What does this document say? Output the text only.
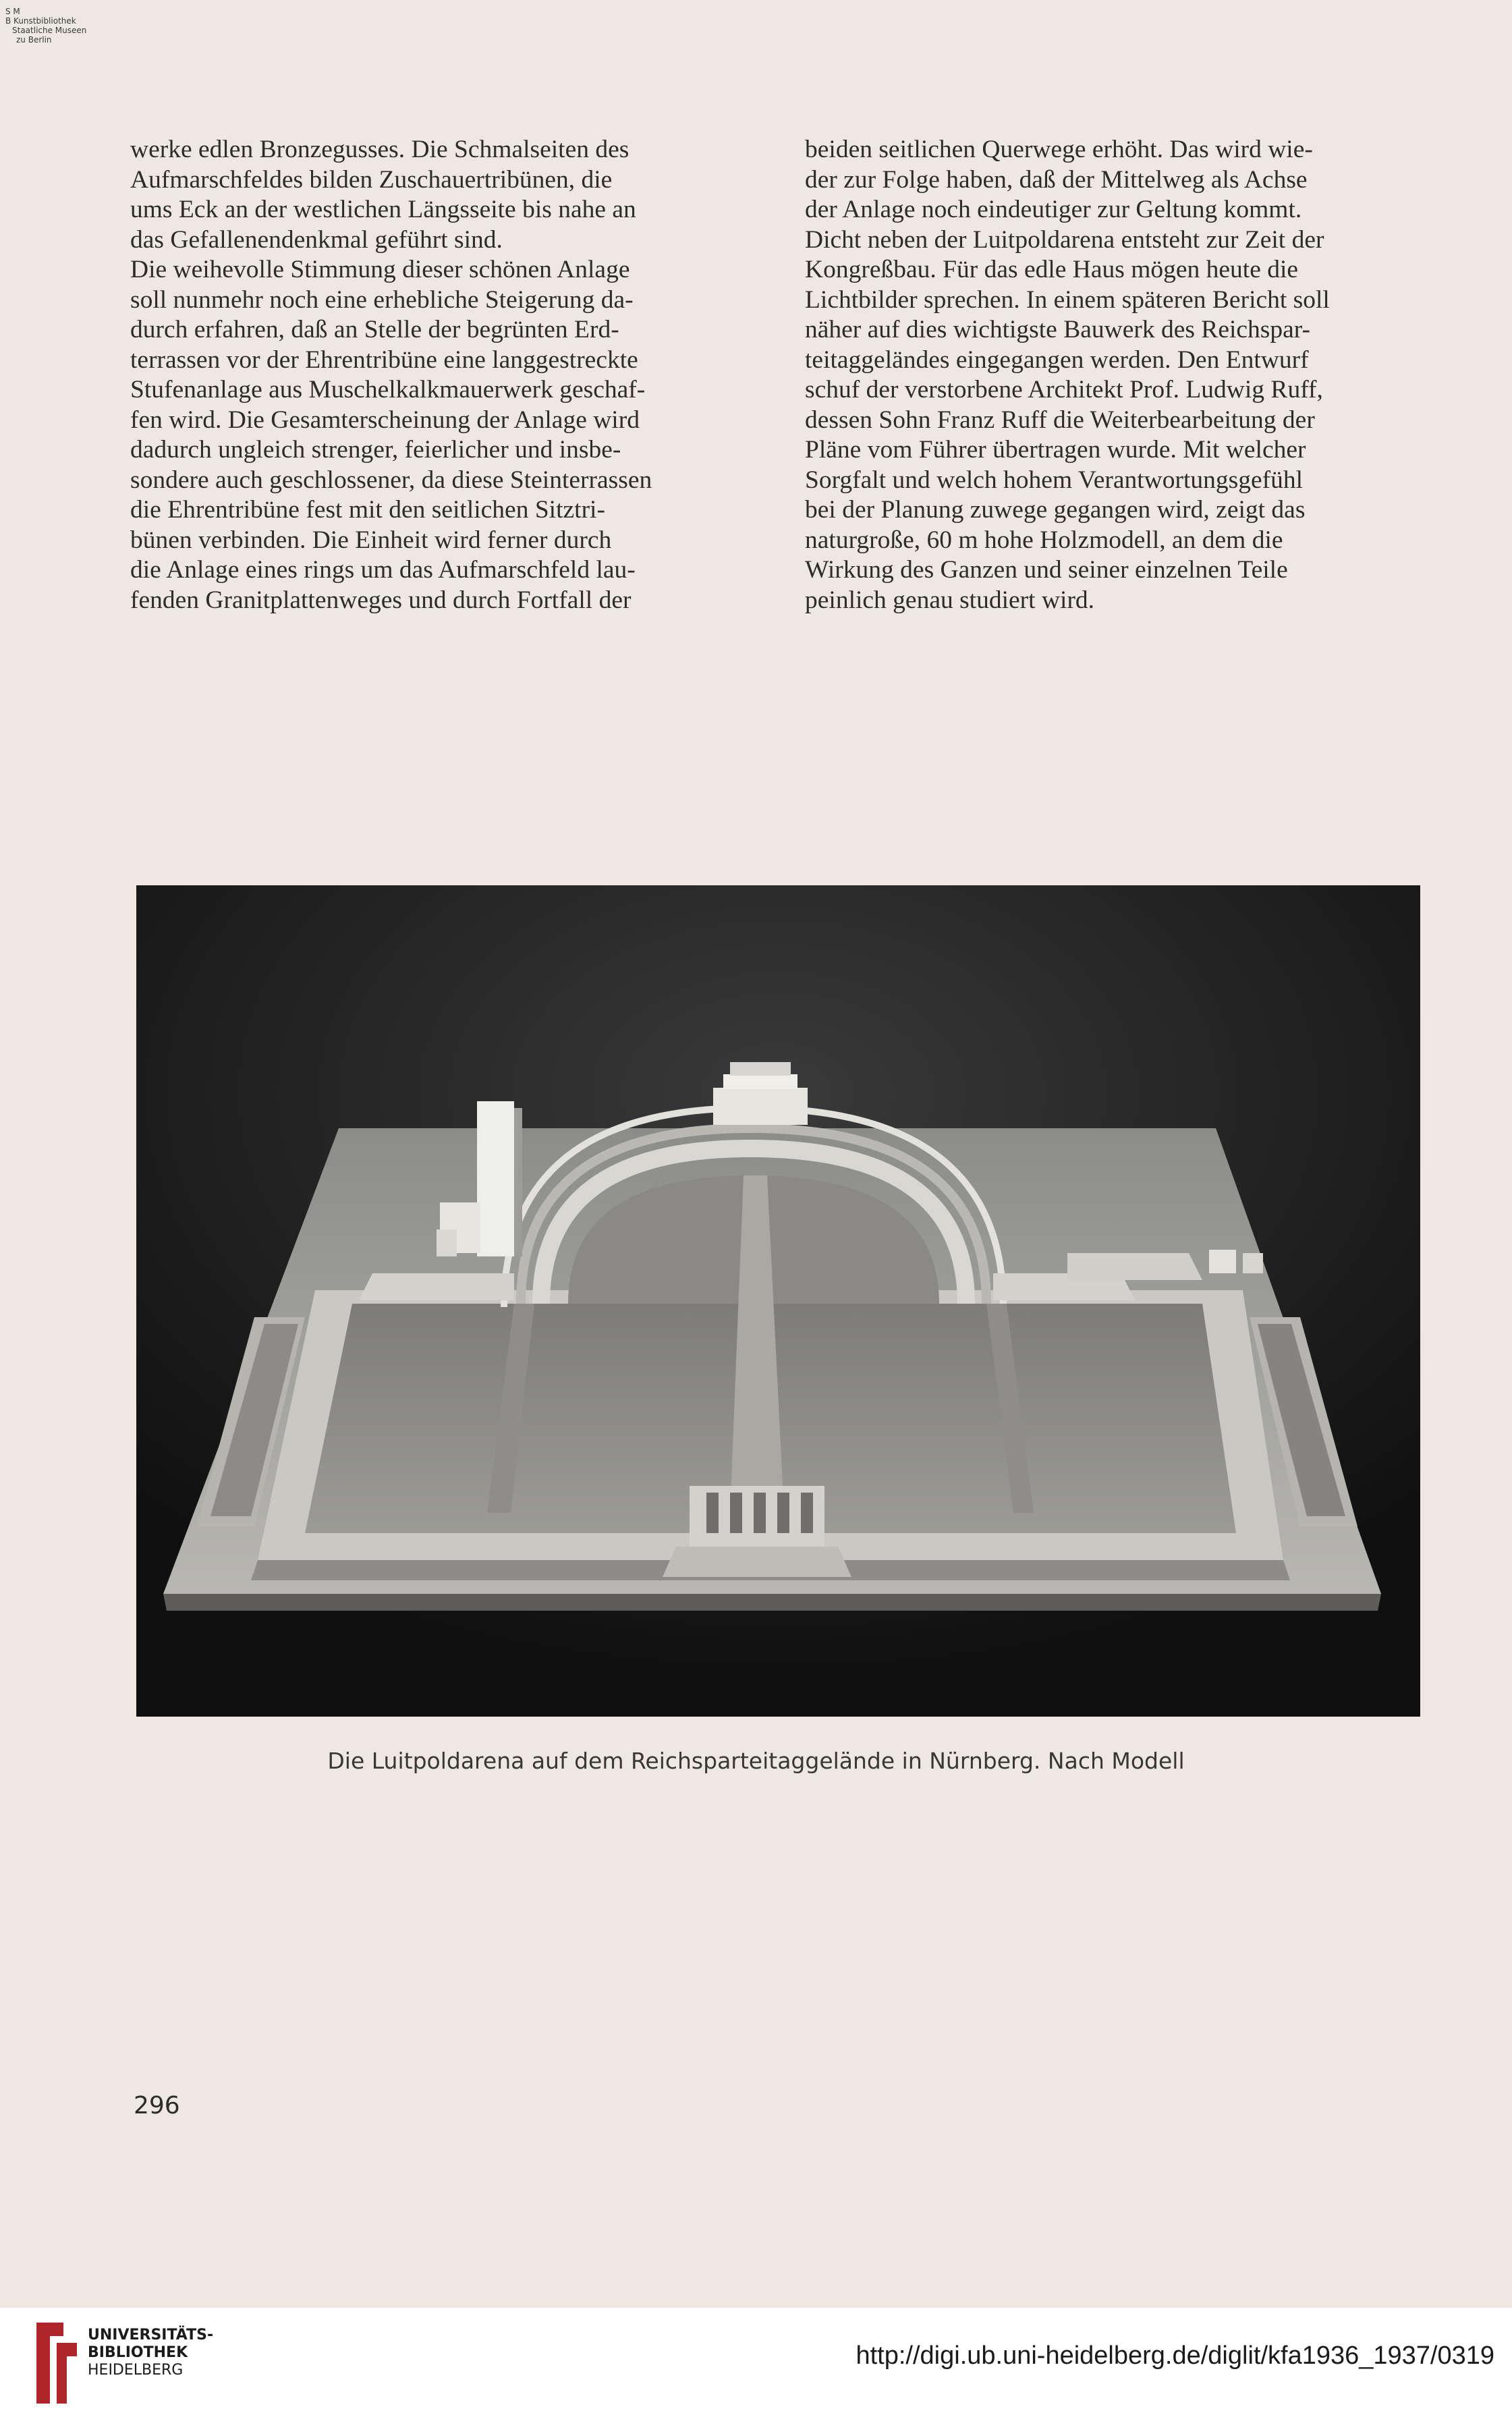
S M
B Kunstbibliothek
Staatliche Museen
zu Berlin

werke edlen Bronzegusses. Die Schmalseiten des

Aufmarschfeldes bilden Zuschauertribünen, die

ums Eck an der westlichen Längsseite bis nahe an

das Gefallenendenkmal geführt sind.

Die weihevolle Stimmung dieser schönen Anlage

soll nunmehr noch eine erhebliche Steigerung da-

durch erfahren, daß an Stelle der begrünten Erd-

terrassen vor der Ehrentribüne eine langgestreckte

Stufenanlage aus Muschelkalkmauerwerk geschaf-

fen wird. Die Gesamterscheinung der Anlage wird

dadurch ungleich strenger, feierlicher und insbe-

sondere auch geschlossener, da diese Steinterrassen

die Ehrentribüne fest mit den seitlichen Sitztri-

bünen verbinden. Die Einheit wird ferner durch

die Anlage eines rings um das Aufmarschfeld lau-

fenden Granitplattenweges und durch Fortfall der

beiden seitlichen Querwege erhöht. Das wird wie-

der zur Folge haben, daß der Mittelweg als Achse

der Anlage noch eindeutiger zur Geltung kommt.

Dicht neben der Luitpoldarena entsteht zur Zeit der

Kongreßbau. Für das edle Haus mögen heute die

Lichtbilder sprechen. In einem späteren Bericht soll

näher auf dies wichtigste Bauwerk des Reichspar-

teitaggeländes eingegangen werden. Den Entwurf

schuf der verstorbene Architekt Prof. Ludwig Ruff,

dessen Sohn Franz Ruff die Weiterbearbeitung der

Pläne vom Führer übertragen wurde. Mit welcher

Sorgfalt und welch hohem Verantwortungsgefühl

bei der Planung zuwege gegangen wird, zeigt das

naturgroße, 60 m hohe Holzmodell, an dem die

Wirkung des Ganzen und seiner einzelnen Teile

peinlich genau studiert wird.

Die Luitpoldarena auf dem Reichsparteitaggelände in Nürnberg. Nach Modell
296
UNIVERSITÄTS-
BIBLIOTHEK
HEIDELBERG
http://digi.ub.uni-heidelberg.de/diglit/kfa1936_1937/0319
